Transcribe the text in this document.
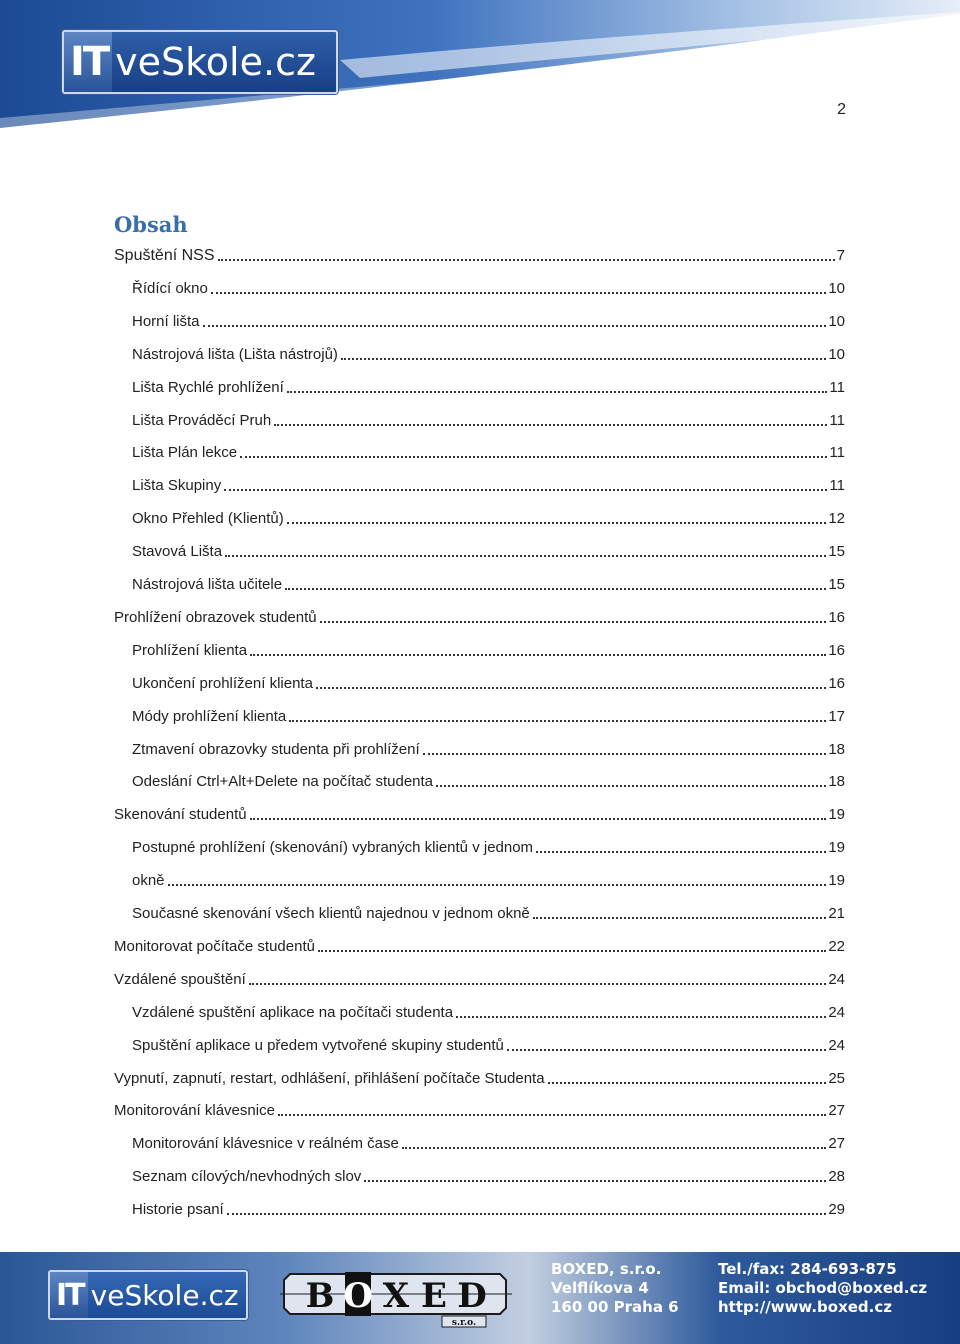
IT veSkole.cz
2
Obsah
Spuštění NSS	7
Řídící okno	10
Horní lišta	10
Nástrojová lišta (Lišta nástrojů)	10
Lišta Rychlé prohlížení	11
Lišta Prováděcí Pruh	11
Lišta Plán lekce	11
Lišta Skupiny	11
Okno Přehled (Klientů)	12
Stavová Lišta	15
Nástrojová lišta učitele	15
Prohlížení obrazovek studentů	16
Prohlížení klienta	16
Ukončení prohlížení klienta	16
Módy prohlížení klienta	17
Ztmavení obrazovky studenta při prohlížení	18
Odeslání Ctrl+Alt+Delete na počítač studenta	18
Skenování studentů	19
Postupné prohlížení (skenování) vybraných klientů v jednom	19
okně	19
Současné skenování všech klientů najednou v jednom okně	21
Monitorovat počítače studentů	22
Vzdálené spouštění	24
Vzdálené spuštění aplikace na počítači studenta	24
Spuštění aplikace u předem vytvořené skupiny studentů	24
Vypnutí, zapnutí, restart, odhlášení, přihlášení počítače Studenta	25
Monitorování klávesnice	27
Monitorování klávesnice v reálném čase	27
Seznam cílových/nevhodných slov	28
Historie psaní	29
IT veSkole.cz B O X E D
s.r.o.
BOXED, s.r.o.
Velflíkova 4
160 00 Praha 6
Tel./fax: 284-693-875
Email: obchod@boxed.cz
http://www.boxed.cz
